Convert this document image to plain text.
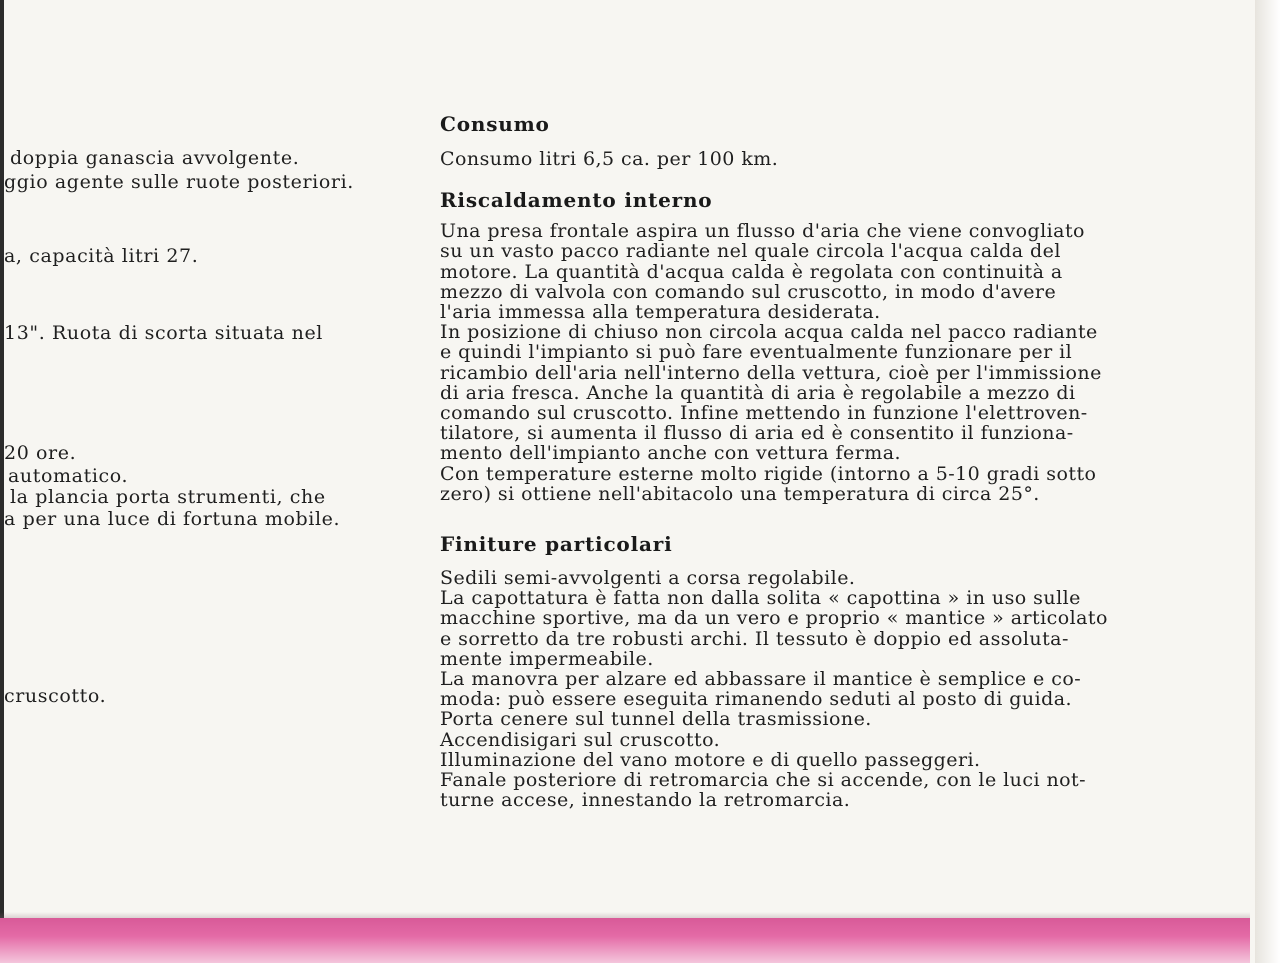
doppia ganascia avvolgente.
ggio agente sulle ruote posteriori.
a, capacità litri 27.
13". Ruota di scorta situata nel
20 ore.
automatico.
la plancia porta strumenti, che
a per una luce di fortuna mobile.
cruscotto.
Consumo

Consumo litri 6,5 ca. per 100 km.

Riscaldamento interno

Una presa frontale aspira un flusso d'aria che viene convogliato
su un vasto pacco radiante nel quale circola l'acqua calda del
motore. La quantità d'acqua calda è regolata con continuità a
mezzo di valvola con comando sul cruscotto, in modo d'avere
l'aria immessa alla temperatura desiderata.
In posizione di chiuso non circola acqua calda nel pacco radiante
e quindi l'impianto si può fare eventualmente funzionare per il
ricambio dell'aria nell'interno della vettura, cioè per l'immissione
di aria fresca. Anche la quantità di aria è regolabile a mezzo di
comando sul cruscotto. Infine mettendo in funzione l'elettroven-
tilatore, si aumenta il flusso di aria ed è consentito il funziona-
mento dell'impianto anche con vettura ferma.
Con temperature esterne molto rigide (intorno a 5-10 gradi sotto
zero) si ottiene nell'abitacolo una temperatura di circa 25°.

Finiture particolari

Sedili semi-avvolgenti a corsa regolabile.
La capottatura è fatta non dalla solita « capottina » in uso sulle
macchine sportive, ma da un vero e proprio « mantice » articolato
e sorretto da tre robusti archi. Il tessuto è doppio ed assoluta-
mente impermeabile.
La manovra per alzare ed abbassare il mantice è semplice e co-
moda: può essere eseguita rimanendo seduti al posto di guida.
Porta cenere sul tunnel della trasmissione.
Accendisigari sul cruscotto.
Illuminazione del vano motore e di quello passeggeri.
Fanale posteriore di retromarcia che si accende, con le luci not-
turne accese, innestando la retromarcia.
